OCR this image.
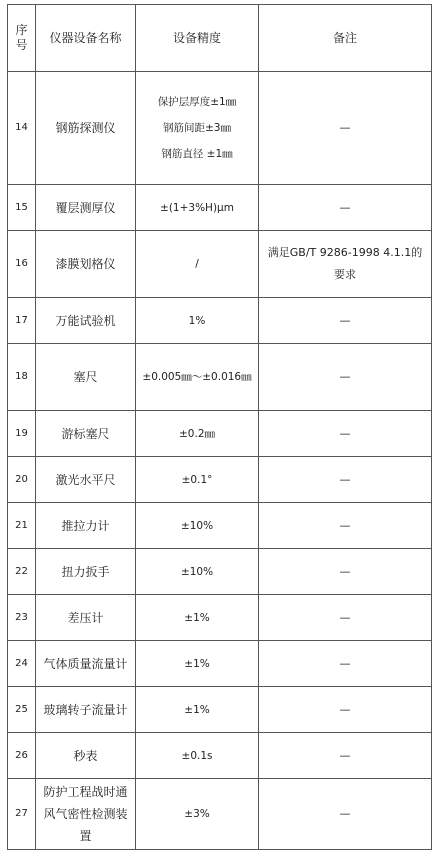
序号	仪器设备名称	设备精度	备注
14	钢筋探测仪	保护层厚度±1㎜
钢筋间距±3㎜
钢筋直径 ±1㎜	—
15	覆层测厚仪	±(1+3%H)μm	—
16	漆膜划格仪	/	满足GB/T 9286-1998 4.1.1的要求
17	万能试验机	1%	—
18	塞尺	±0.005㎜～±0.016㎜	—
19	游标塞尺	±0.2㎜	—
20	激光水平尺	±0.1°	—
21	推拉力计	±10%	—
22	扭力扳手	±10%	—
23	差压计	±1%	—
24	气体质量流量计	±1%	—
25	玻璃转子流量计	±1%	—
26	秒表	±0.1s	—
27	防护工程战时通风气密性检测装置	±3%	—
